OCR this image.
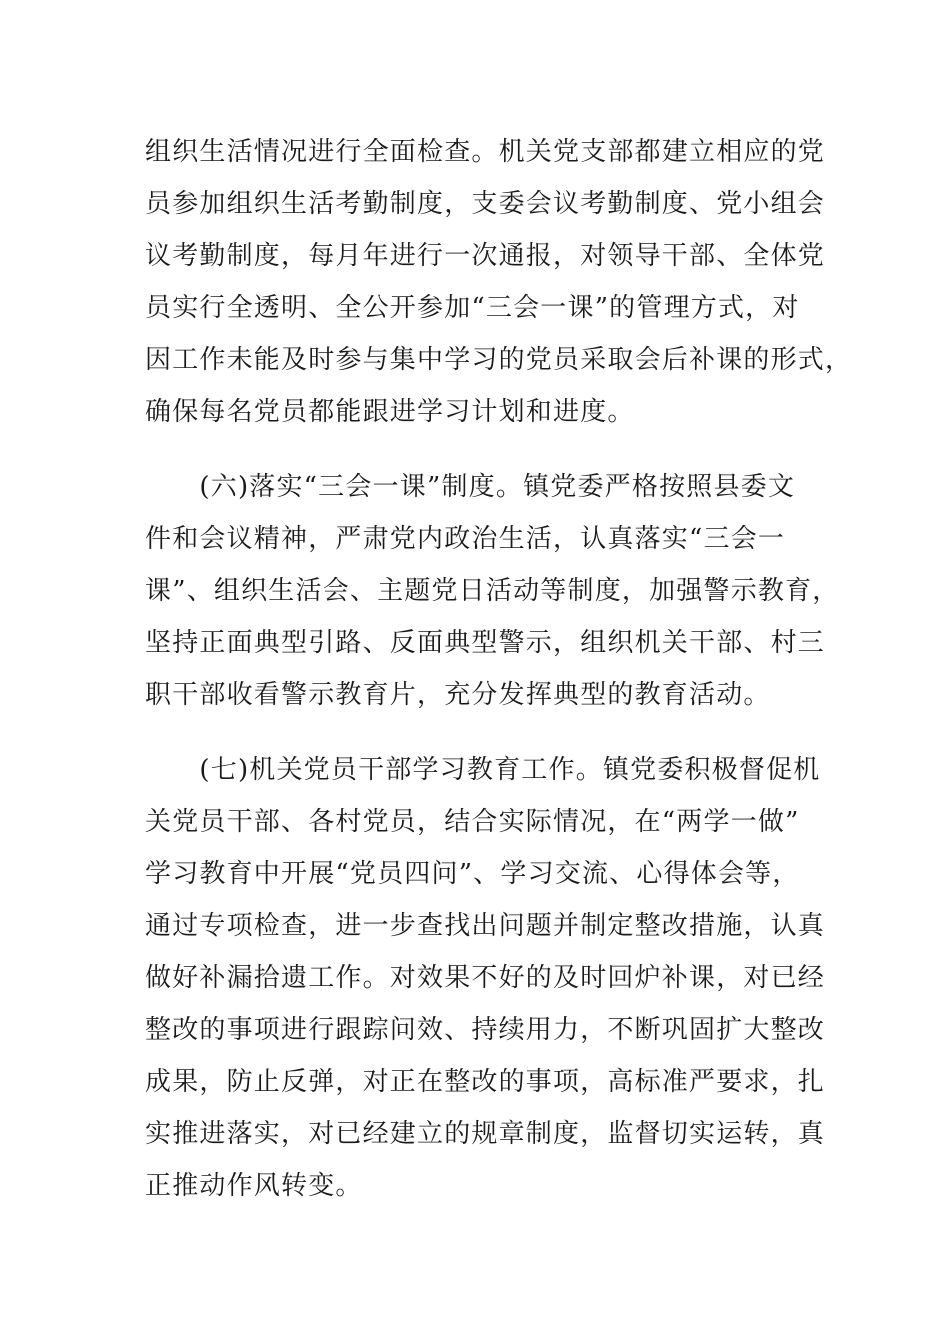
组织生活情况进行全面检查。机关党支部都建立相应的党
员参加组织生活考勤制度，支委会议考勤制度、党小组会
议考勤制度，每月年进行一次通报，对领导干部、全体党
员实行全透明、全公开参加“三会一课”的管理方式，对
因工作未能及时参与集中学习的党员采取会后补课的形式，
确保每名党员都能跟进学习计划和进度。
　　(六)落实“三会一课”制度。镇党委严格按照县委文
件和会议精神，严肃党内政治生活，认真落实“三会一
课”、组织生活会、主题党日活动等制度，加强警示教育，
坚持正面典型引路、反面典型警示，组织机关干部、村三
职干部收看警示教育片，充分发挥典型的教育活动。
　　(七)机关党员干部学习教育工作。镇党委积极督促机
关党员干部、各村党员，结合实际情况，在“两学一做”
学习教育中开展“党员四问”、学习交流、心得体会等，
通过专项检查，进一步查找出问题并制定整改措施，认真
做好补漏拾遗工作。对效果不好的及时回炉补课，对已经
整改的事项进行跟踪问效、持续用力，不断巩固扩大整改
成果，防止反弹，对正在整改的事项，高标准严要求，扎
实推进落实，对已经建立的规章制度，监督切实运转，真
正推动作风转变。
